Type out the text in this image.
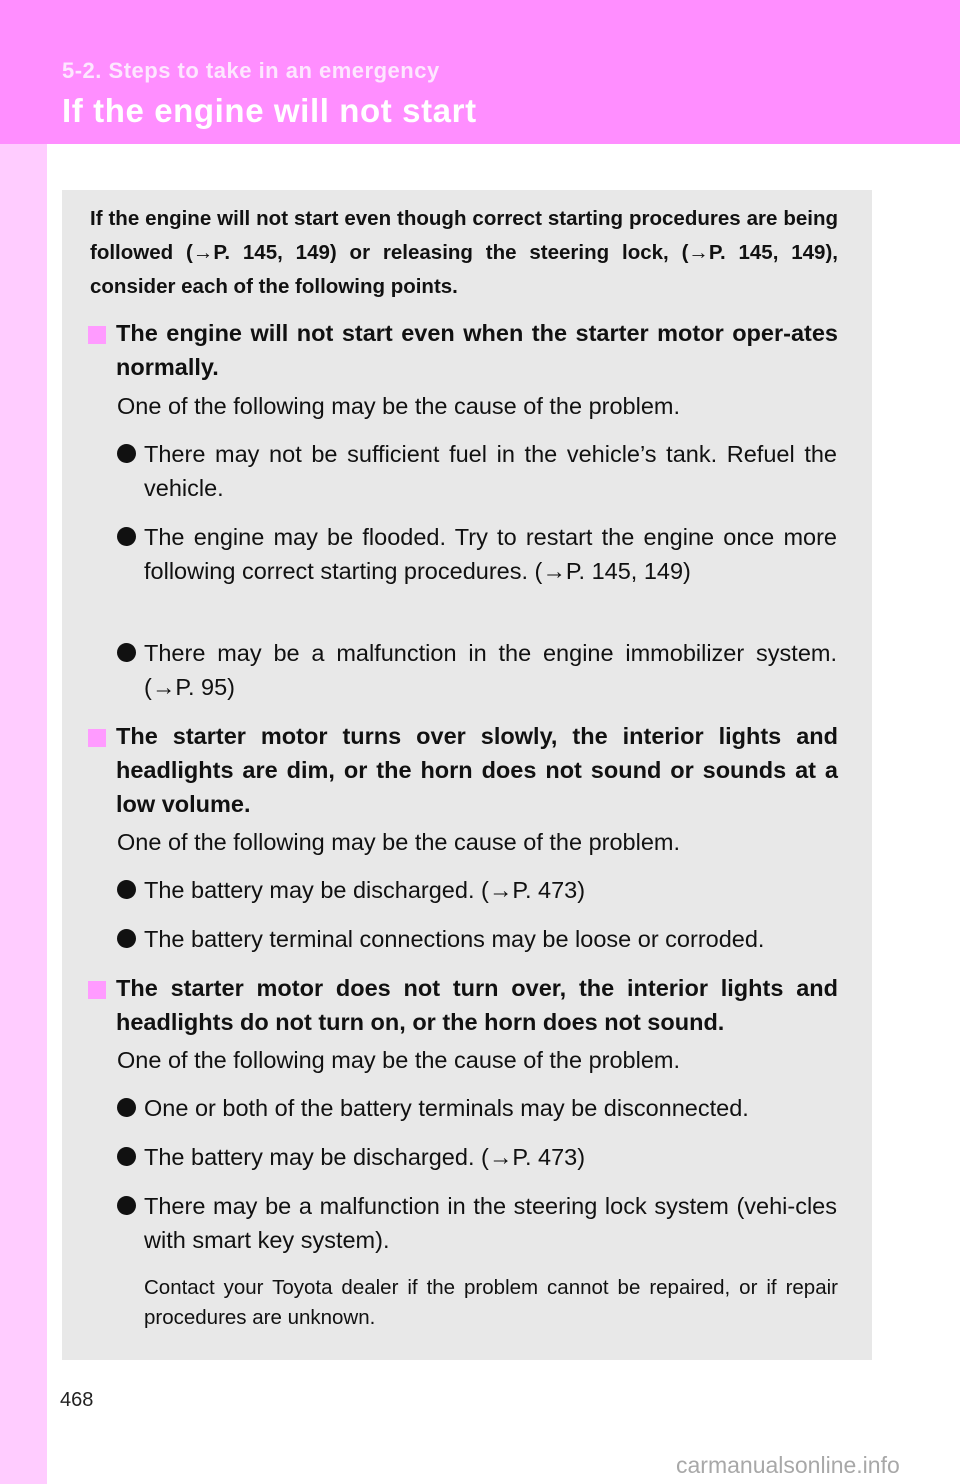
5-2. Steps to take in an emergency
If the engine will not start
If the engine will not start even though correct starting procedures are being followed (→P. 145, 149) or releasing the steering lock, (→P. 145, 149), consider each of the following points.
The engine will not start even when the starter motor oper-ates normally.
One of the following may be the cause of the problem.
There may not be sufficient fuel in the vehicle’s tank. Refuel the vehicle.
The engine may be flooded. Try to restart the engine once more following correct starting procedures. (→P. 145, 149)
There may be a malfunction in the engine immobilizer system. (→P. 95)
The starter motor turns over slowly, the interior lights and headlights are dim, or the horn does not sound or sounds at a low volume.
One of the following may be the cause of the problem.
The battery may be discharged. (→P. 473)
The battery terminal connections may be loose or corroded.
The starter motor does not turn over, the interior lights and headlights do not turn on, or the horn does not sound.
One of the following may be the cause of the problem.
One or both of the battery terminals may be disconnected.
The battery may be discharged. (→P. 473)
There may be a malfunction in the steering lock system (vehi-cles with smart key system).
Contact your Toyota dealer if the problem cannot be repaired, or if repair procedures are unknown.
468
carmanualsonline.info
